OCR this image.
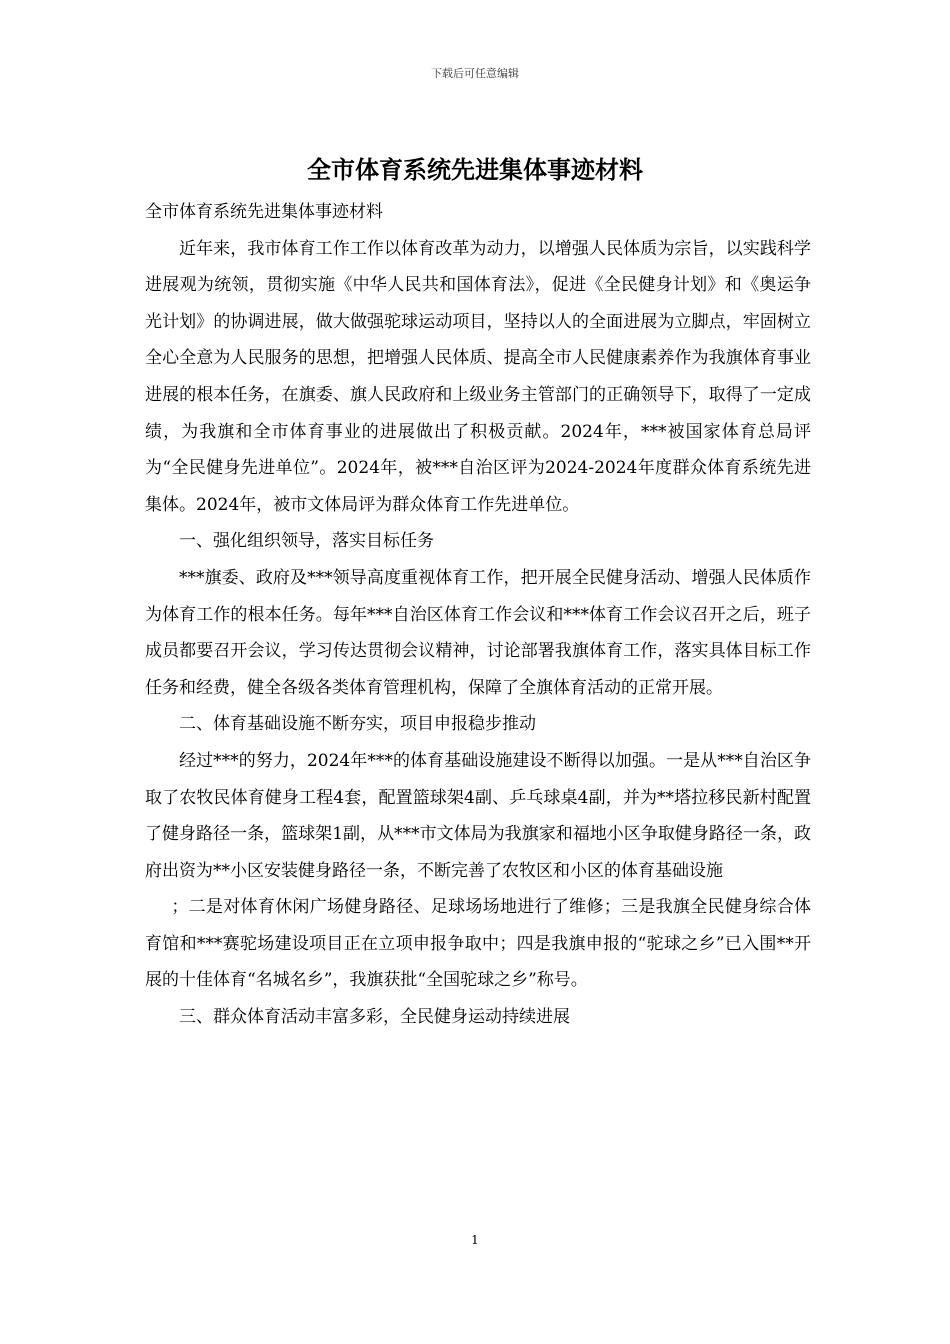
下载后可任意编辑
全市体育系统先进集体事迹材料

全市体育系统先进集体事迹材料

近年来，我市体育工作工作以体育改革为动力，以增强人民体质为宗旨，以实践科学进展观为统领，贯彻实施《中华人民共和国体育法》，促进《全民健身计划》和《奥运争光计划》的协调进展，做大做强驼球运动项目，坚持以人的全面进展为立脚点，牢固树立全心全意为人民服务的思想，把增强人民体质、提高全市人民健康素养作为我旗体育事业进展的根本任务，在旗委、旗人民政府和上级业务主管部门的正确领导下，取得了一定成绩，为我旗和全市体育事业的进展做出了积极贡献。2024年，***被国家体育总局评为“全民健身先进单位”。2024年，被***自治区评为2024-2024年度群众体育系统先进集体。2024年，被市文体局评为群众体育工作先进单位。

一、强化组织领导，落实目标任务

***旗委、政府及***领导高度重视体育工作，把开展全民健身活动、增强人民体质作为体育工作的根本任务。每年***自治区体育工作会议和***体育工作会议召开之后，班子成员都要召开会议，学习传达贯彻会议精神，讨论部署我旗体育工作，落实具体目标工作任务和经费，健全各级各类体育管理机构，保障了全旗体育活动的正常开展。

二、体育基础设施不断夯实，项目申报稳步推动

经过***的努力，2024年***的体育基础设施建设不断得以加强。一是从***自治区争取了农牧民体育健身工程4套，配置篮球架4副、乒乓球桌4副，并为**塔拉移民新村配置了健身路径一条，篮球架1副，从***市文体局为我旗家和福地小区争取健身路径一条，政府出资为**小区安装健身路径一条，不断完善了农牧区和小区的体育基础设施

；二是对体育休闲广场健身路径、足球场场地进行了维修；三是我旗全民健身综合体育馆和***赛驼场建设项目正在立项申报争取中；四是我旗申报的“驼球之乡”已入围**开展的十佳体育“名城名乡”，我旗获批“全国驼球之乡”称号。

三、群众体育活动丰富多彩，全民健身运动持续进展

1
